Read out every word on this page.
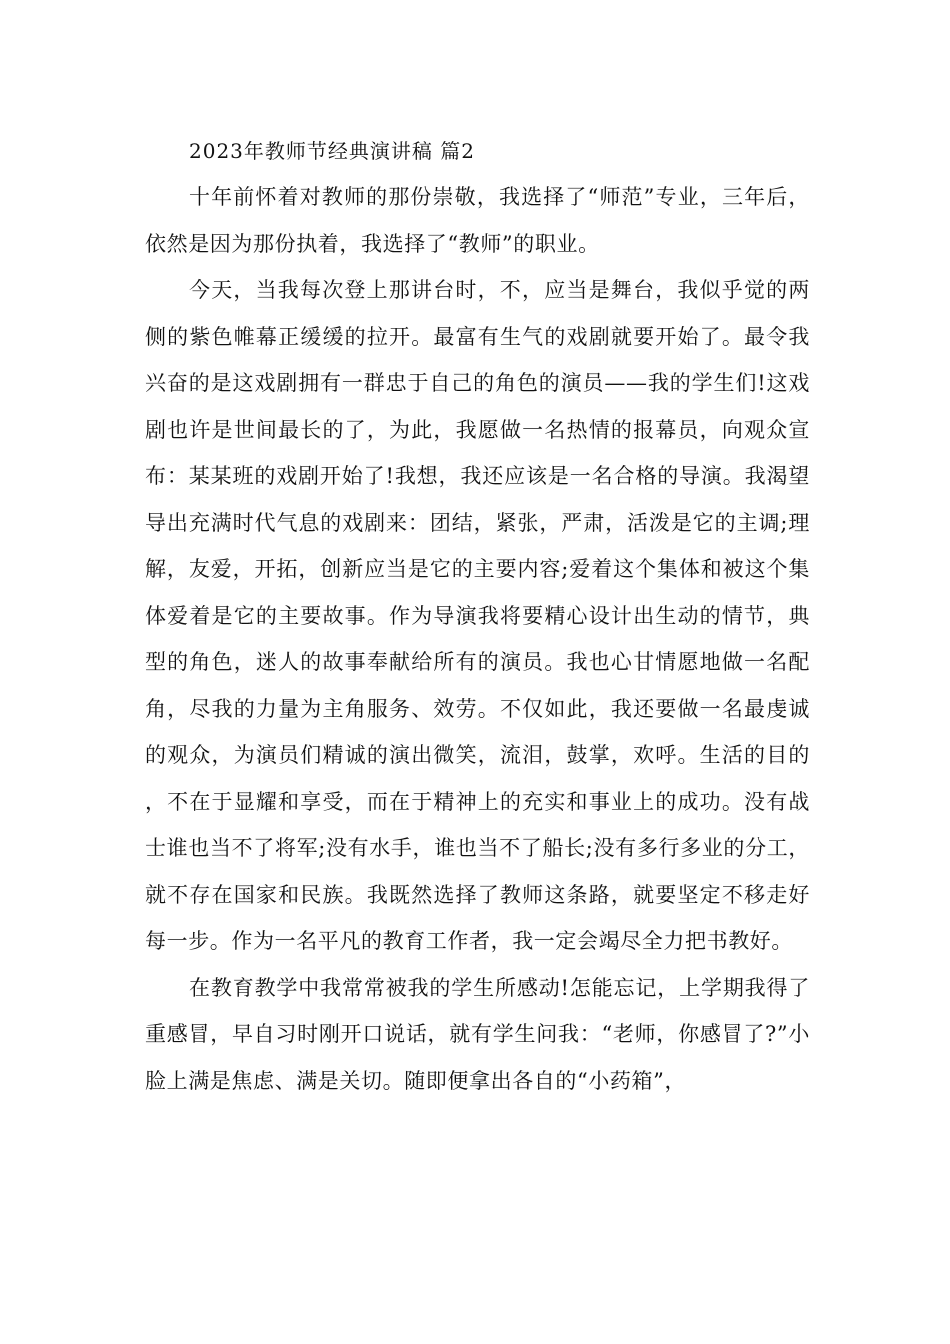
2023年教师节经典演讲稿 篇2

十年前怀着对教师的那份崇敬，我选择了“师范”专业，三年后，依然是因为那份执着，我选择了“教师”的职业。

今天，当我每次登上那讲台时，不，应当是舞台，我似乎觉的两侧的紫色帷幕正缓缓的拉开。最富有生气的戏剧就要开始了。最令我兴奋的是这戏剧拥有一群忠于自己的角色的演员——我的学生们!这戏剧也许是世间最长的了，为此，我愿做一名热情的报幕员，向观众宣布：某某班的戏剧开始了!我想，我还应该是一名合格的导演。我渴望导出充满时代气息的戏剧来：团结，紧张，严肃，活泼是它的主调;理解，友爱，开拓，创新应当是它的主要内容;爱着这个集体和被这个集体爱着是它的主要故事。作为导演我将要精心设计出生动的情节，典型的角色，迷人的故事奉献给所有的演员。我也心甘情愿地做一名配角，尽我的力量为主角服务、效劳。不仅如此，我还要做一名最虔诚的观众，为演员们精诚的演出微笑，流泪，鼓掌，欢呼。生活的目的，不在于显耀和享受，而在于精神上的充实和事业上的成功。没有战士谁也当不了将军;没有水手，谁也当不了船长;没有多行多业的分工，就不存在国家和民族。我既然选择了教师这条路，就要坚定不移走好每一步。作为一名平凡的教育工作者，我一定会竭尽全力把书教好。

在教育教学中我常常被我的学生所感动!怎能忘记，上学期我得了重感冒，早自习时刚开口说话，就有学生问我：“老师，你感冒了?”小脸上满是焦虑、满是关切。随即便拿出各自的“小药箱”，
